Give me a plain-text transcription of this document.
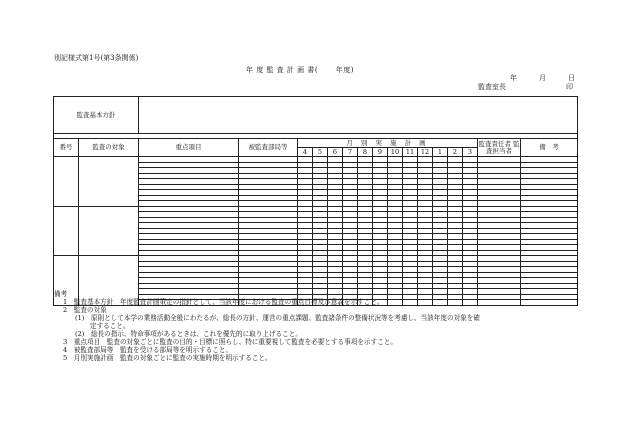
別記様式第1号(第3条関係)
年 度 監 査 計 画 書(　　 年度)
年	月	日
監査室長	印
監査基本方針																	

番号	監査の対象	重点項目	被監査部局等	月 別 実 施 計 画												監査責任者 監査担当者	備　考
				4	5	6	7	8	9	10	11	12	1	2	3		

備考
1　監査基本方針　年度監査計画策定の指針として、当該年度における監査の重点目標及び意義を示すこと。
2　監査の対象
(1)　原則として本学の業務活動全般にわたるが、総長の方針、運営の重点課題、監査諸条件の整備状況等を考慮し、当該年度の対象を確
定すること。
(2)　総長の指示、特命事項があるときは、これを優先的に取り上げること。
3　重点項目　監査の対象ごとに監査の目的・目標に照らし、特に重要視して監査を必要とする事項を示すこと。
4　被監査部局等　監査を受ける部局等を明示すること。
5　月別実施計画　監査の対象ごとに監査の実施時期を明示すること。
